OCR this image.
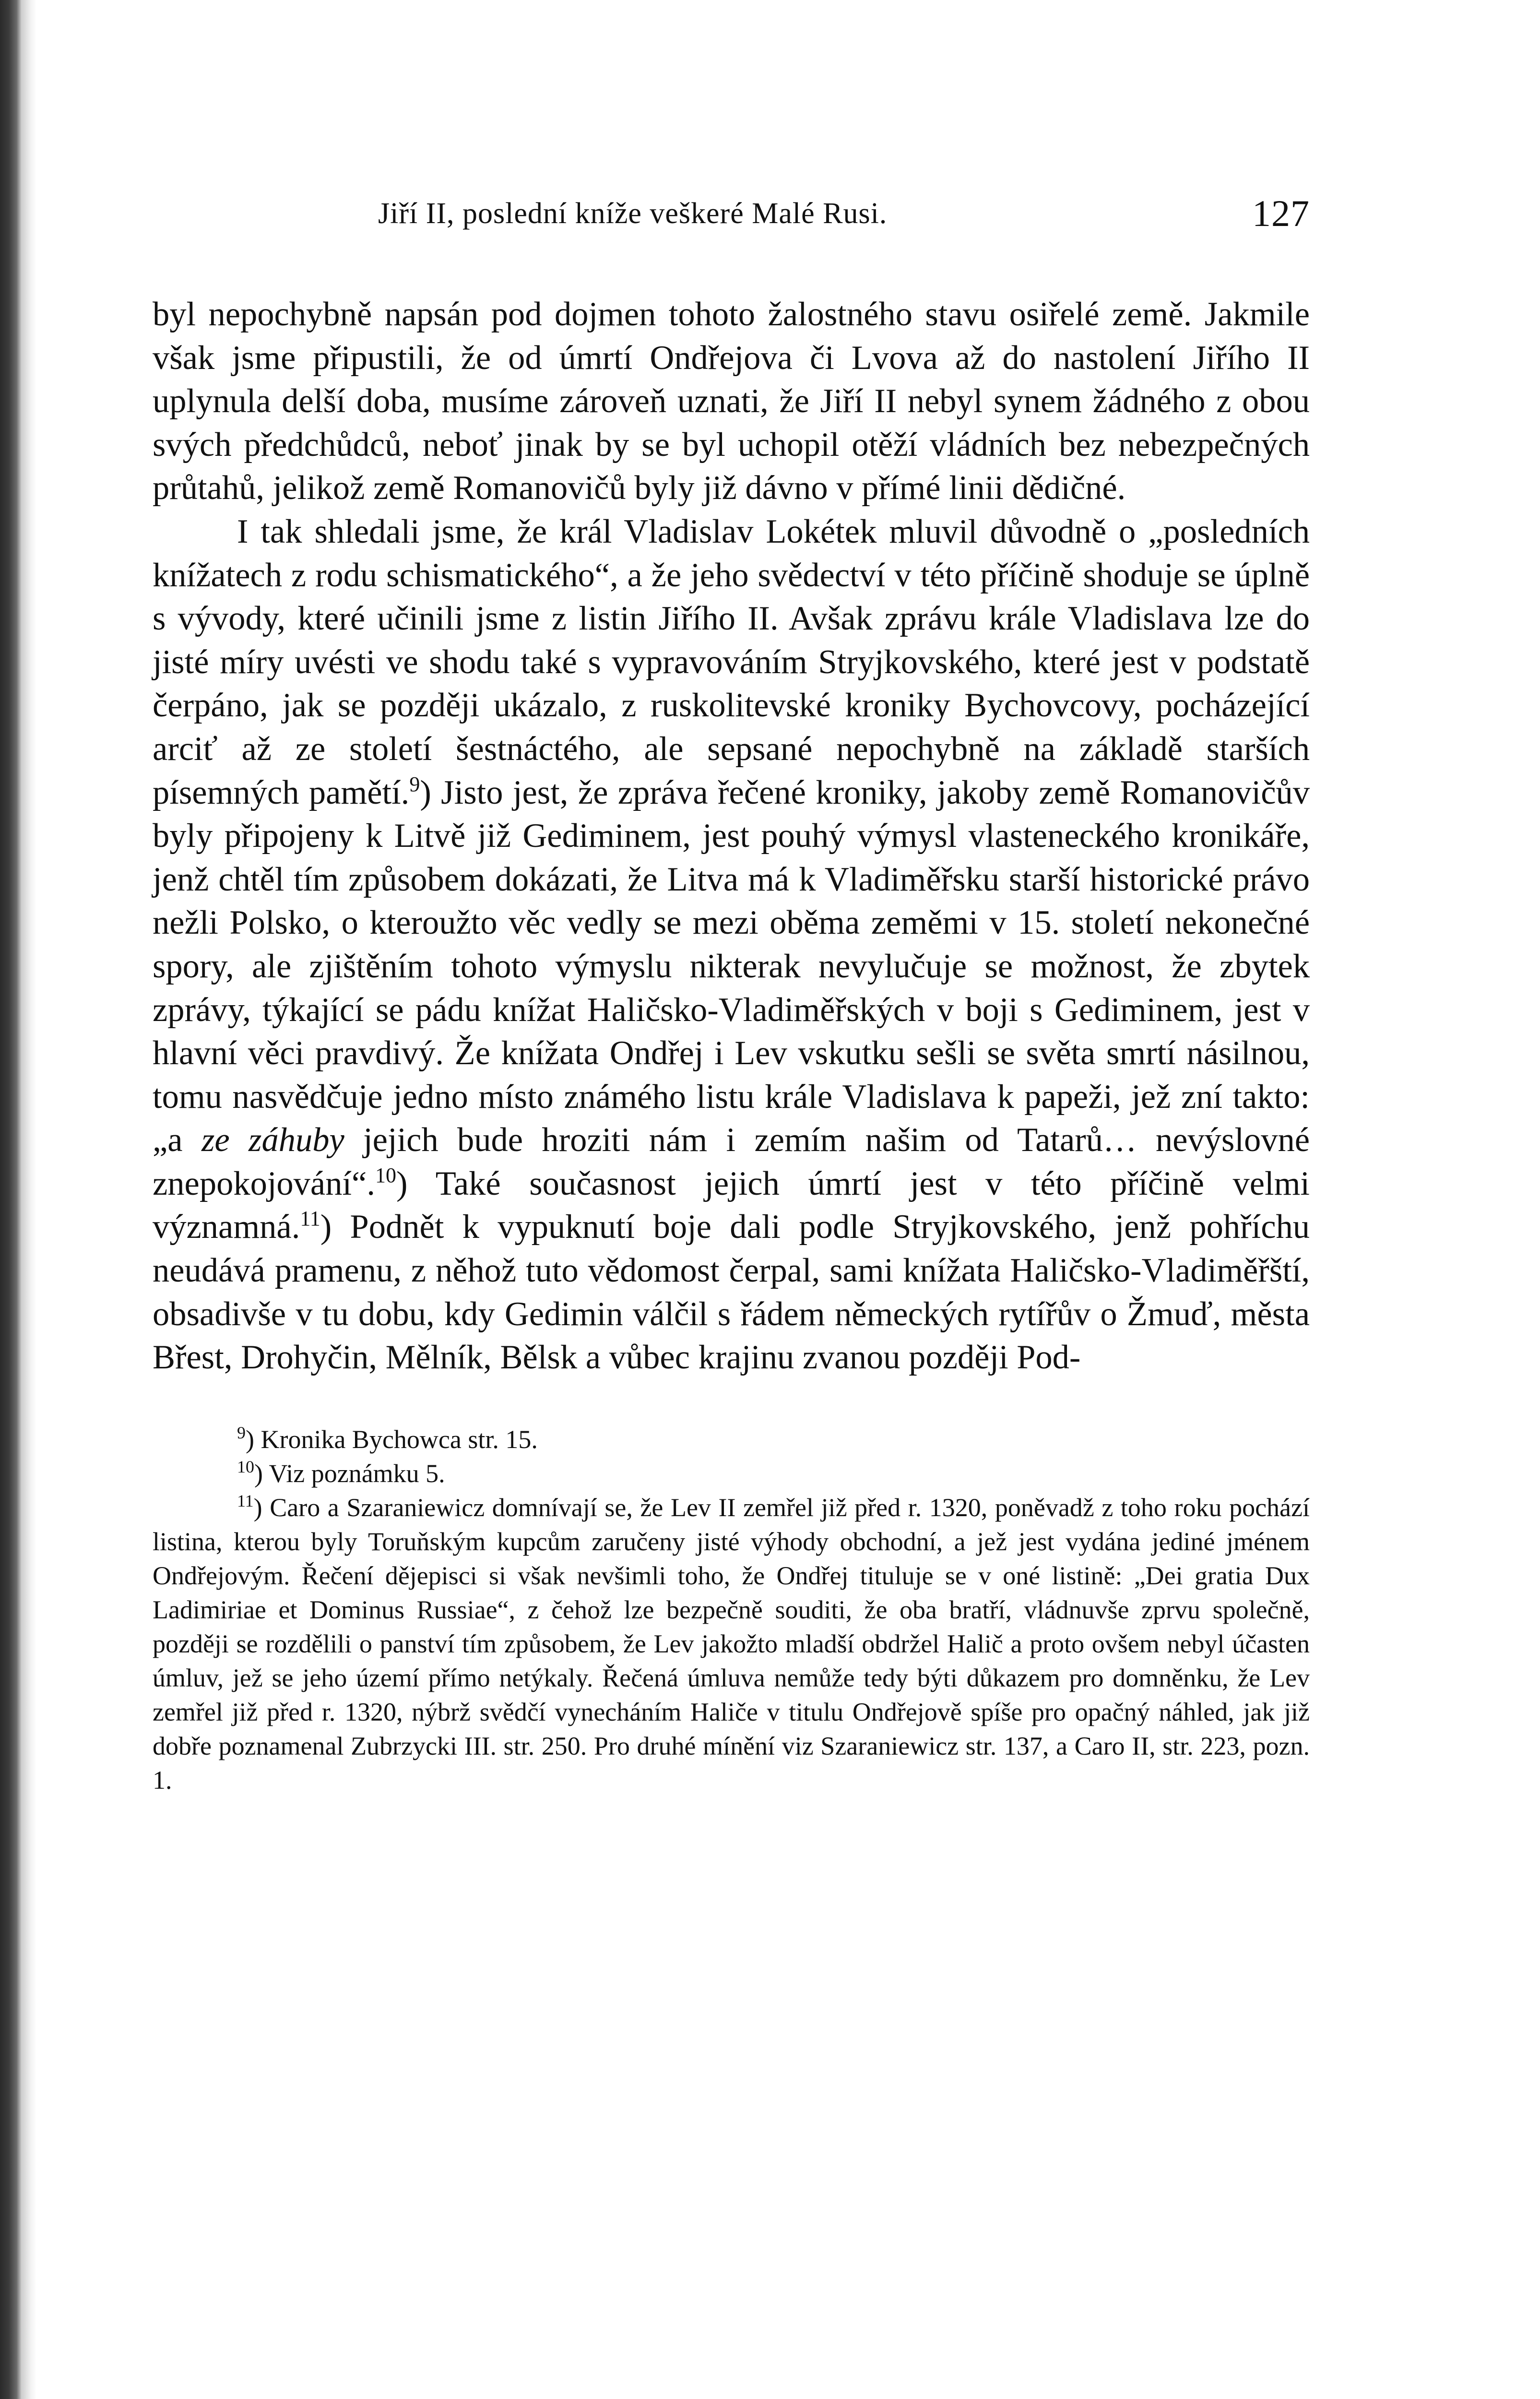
Jiří II, poslední kníže veškeré Malé Rusi.	127

byl nepochybně napsán pod dojmen tohoto žalostného stavu osiřelé země. Jakmile však jsme připustili, že od úmrtí Ondřejova či Lvova až do nastolení Jiřího II uplynula delší doba, musíme zároveň uznati, že Jiří II nebyl synem žádného z obou svých předchůdců, neboť jinak by se byl uchopil otěží vládních bez nebezpečných průtahů, jelikož země Romanovičů byly již dávno v přímé linii dědičné.

I tak shledali jsme, že král Vladislav Lokétek mluvil důvodně o „posledních knížatech z rodu schismatického“, a že jeho svědectví v této příčině shoduje se úplně s vývody, které učinili jsme z listin Jiřího II. Avšak zprávu krále Vladislava lze do jisté míry uvésti ve shodu také s vypravováním Stryjkovského, které jest v podstatě čerpáno, jak se později ukázalo, z ruskolitevské kroniky Bychovcovy, pocházející arciť až ze století šestnáctého, ale sepsané nepochybně na základě starších písemných pamětí.$^9$) Jisto jest, že zpráva řečené kroniky, jakoby země Romanovičův byly připojeny k Litvě již Gediminem, jest pouhý výmysl vlasteneckého kronikáře, jenž chtěl tím způsobem dokázati, že Litva má k Vladiměřsku starší historické právo nežli Polsko, o kteroužto věc vedly se mezi oběma zeměmi v 15. století nekonečné spory, ale zjištěním tohoto výmyslu nikterak nevylučuje se možnost, že zbytek zprávy, týkající se pádu knížat Haličsko-Vladiměřských v boji s Gediminem, jest v hlavní věci pravdivý. Že knížata Ondřej i Lev vskutku sešli se světa smrtí násilnou, tomu nasvědčuje jedno místo známého listu krále Vladislava k papeži, jež zní takto: „a ze záhuby jejich bude hroziti nám i zemím našim od Tatarů… nevýslovné znepokojování“.$^{10}$) Také současnost jejich úmrtí jest v této příčině velmi významná.$^{11}$) Podnět k vypuknutí boje dali podle Stryjkovského, jenž pohříchu neudává pramenu, z něhož tuto vědomost čerpal, sami knížata Haličsko-Vladiměřští, obsadivše v tu dobu, kdy Gedimin válčil s řádem německých rytířův o Žmuď, města Břest, Drohyčin, Mělník, Bělsk a vůbec krajinu zvanou později Pod-

$^9$) Kronika Bychowca str. 15.

$^{10}$) Viz poznámku 5.

$^{11}$) Caro a Szaraniewicz domnívají se, že Lev II zemřel již před r. 1320, poněvadž z toho roku pochází listina, kterou byly Toruňským kupcům zaručeny jisté výhody obchodní, a jež jest vydána jediné jménem Ondřejovým. Řečení dějepisci si však nevšimli toho, že Ondřej tituluje se v oné listině: „Dei gratia Dux Ladimiriae et Dominus Russiae“, z čehož lze bezpečně souditi, že oba bratří, vládnuvše zprvu společně, později se rozdělili o panství tím způsobem, že Lev jakožto mladší obdržel Halič a proto ovšem nebyl účasten úmluv, jež se jeho území přímo netýkaly. Řečená úmluva nemůže tedy býti důkazem pro domněnku, že Lev zemřel již před r. 1320, nýbrž svědčí vynecháním Haliče v titulu Ondřejově spíše pro opačný náhled, jak již dobře poznamenal Zubrzycki III. str. 250. Pro druhé mínění viz Szaraniewicz str. 137, a Caro II, str. 223, pozn. 1.
